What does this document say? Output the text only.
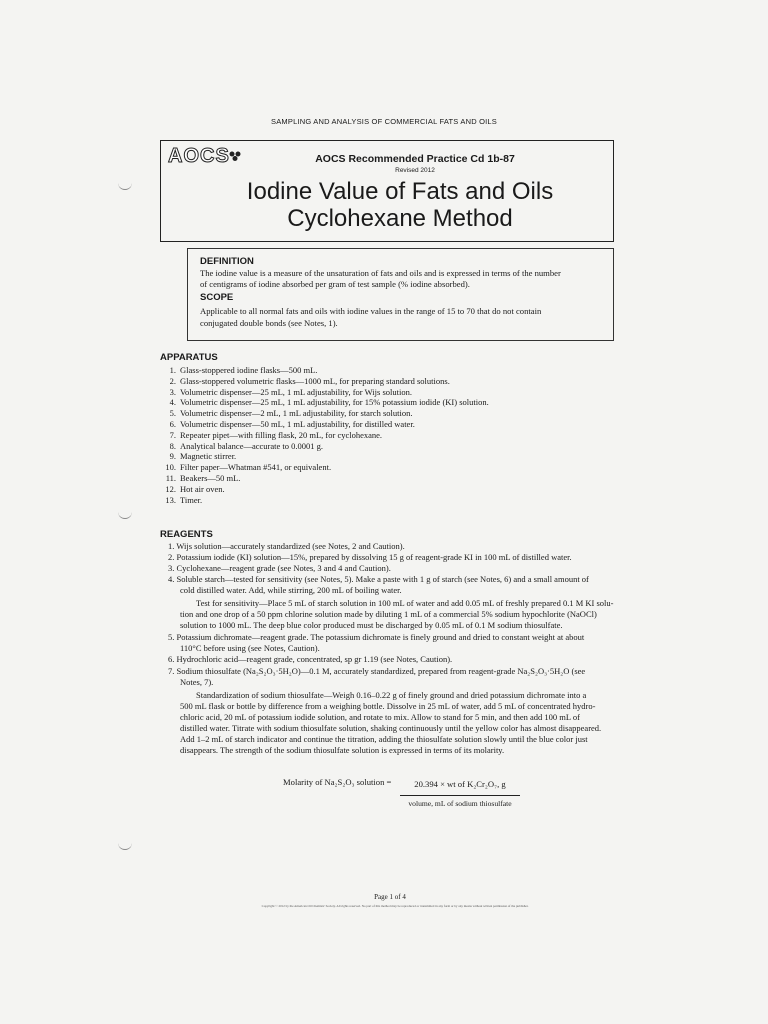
SAMPLING AND ANALYSIS OF COMMERCIAL FATS AND OILS
AOCS	AOCS Recommended Practice Cd 1b-87
Revised 2012
Iodine Value of Fats and Oils
Cyclohexane Method
DEFINITION
The iodine value is a measure of the unsaturation of fats and oils and is expressed in terms of the number
of centigrams of iodine absorbed per gram of test sample (% iodine absorbed).
SCOPE
Applicable to all normal fats and oils with iodine values in the range of 15 to 70 that do not contain
conjugated double bonds (see Notes, 1).
APPARATUS
1. Glass-stoppered iodine flasks—500 mL.
2. Glass-stoppered volumetric flasks—1000 mL, for preparing standard solutions.
3. Volumetric dispenser—25 mL, 1 mL adjustability, for Wijs solution.
4. Volumetric dispenser—25 mL, 1 mL adjustability, for 15% potassium iodide (KI) solution.
5. Volumetric dispenser—2 mL, 1 mL adjustability, for starch solution.
6. Volumetric dispenser—50 mL, 1 mL adjustability, for distilled water.
7. Repeater pipet—with filling flask, 20 mL, for cyclohexane.
8. Analytical balance—accurate to 0.0001 g.
9. Magnetic stirrer.
10. Filter paper—Whatman #541, or equivalent.
11. Beakers—50 mL.
12. Hot air oven.
13. Timer.
REAGENTS
1. Wijs solution—accurately standardized (see Notes, 2 and Caution).
2. Potassium iodide (KI) solution—15%, prepared by dissolving 15 g of reagent-grade KI in 100 mL of distilled water.
3. Cyclohexane—reagent grade (see Notes, 3 and 4 and Caution).
4. Soluble starch—tested for sensitivity (see Notes, 5). Make a paste with 1 g of starch (see Notes, 6) and a small amount of
cold distilled water. Add, while stirring, 200 mL of boiling water.
Test for sensitivity—Place 5 mL of starch solution in 100 mL of water and add 0.05 mL of freshly prepared 0.1 M KI solu-
tion and one drop of a 50 ppm chlorine solution made by diluting 1 mL of a commercial 5% sodium hypochlorite (NaOCl)
solution to 1000 mL. The deep blue color produced must be discharged by 0.05 mL of 0.1 M sodium thiosulfate.
5. Potassium dichromate—reagent grade. The potassium dichromate is finely ground and dried to constant weight at about
110°C before using (see Notes, Caution).
6. Hydrochloric acid—reagent grade, concentrated, sp gr 1.19 (see Notes, Caution).
7. Sodium thiosulfate (Na₂S₂O₃·5H₂O)—0.1 M, accurately standardized, prepared from reagent-grade Na₂S₂O₃·5H₂O (see
Notes, 7).
Standardization of sodium thiosulfate—Weigh 0.16–0.22 g of finely ground and dried potassium dichromate into a
500 mL flask or bottle by difference from a weighing bottle. Dissolve in 25 mL of water, add 5 mL of concentrated hydro-
chloric acid, 20 mL of potassium iodide solution, and rotate to mix. Allow to stand for 5 min, and then add 100 mL of
distilled water. Titrate with sodium thiosulfate solution, shaking continuously until the yellow color has almost disappeared.
Add 1–2 mL of starch indicator and continue the titration, adding the thiosulfate solution slowly until the blue color just
disappears. The strength of the sodium thiosulfate solution is expressed in terms of its molarity.
Molarity of Na₂S₂O₃ solution =	20.394 × wt of K₂Cr₂O₇, g
volume, mL of sodium thiosulfate
Page 1 of 4
Copyright © 2012 by the American Oil Chemists' Society. All rights reserved. No part of this method may be reproduced or transmitted in any form or by any means without written permission of the publisher.
